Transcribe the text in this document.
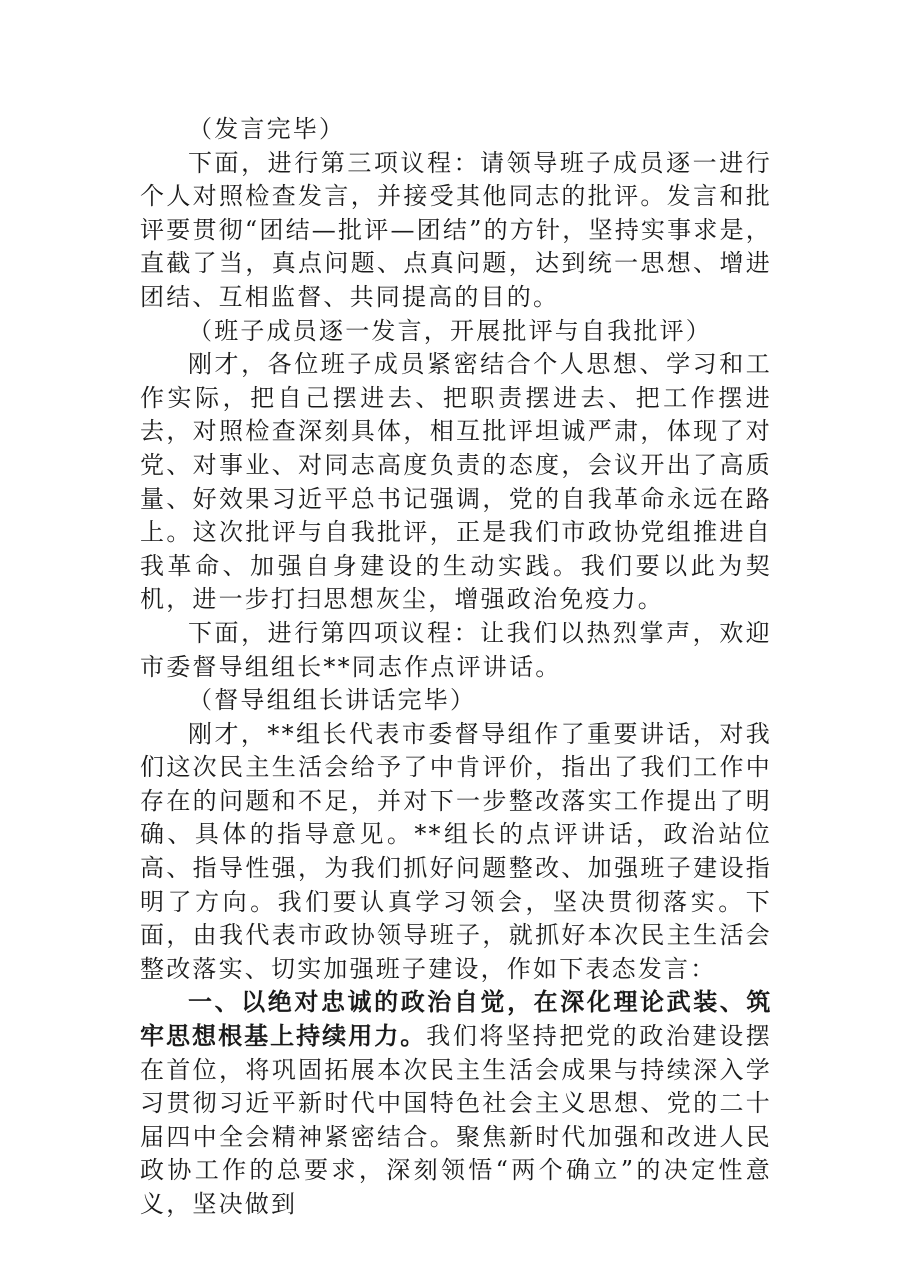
（发言完毕）

下面，进行第三项议程：请领导班子成员逐一进行个人对照检查发言，并接受其他同志的批评。发言和批评要贯彻“团结—批评—团结”的方针，坚持实事求是，直截了当，真点问题、点真问题，达到统一思想、增进团结、互相监督、共同提高的目的。

（班子成员逐一发言，开展批评与自我批评）

刚才，各位班子成员紧密结合个人思想、学习和工作实际，把自己摆进去、把职责摆进去、把工作摆进去，对照检查深刻具体，相互批评坦诚严肃，体现了对党、对事业、对同志高度负责的态度，会议开出了高质量、好效果习近平总书记强调，党的自我革命永远在路上。这次批评与自我批评，正是我们市政协党组推进自我革命、加强自身建设的生动实践。我们要以此为契机，进一步打扫思想灰尘，增强政治免疫力。

下面，进行第四项议程：让我们以热烈掌声，欢迎市委督导组组长**同志作点评讲话。

（督导组组长讲话完毕）

刚才，**组长代表市委督导组作了重要讲话，对我们这次民主生活会给予了中肯评价，指出了我们工作中存在的问题和不足，并对下一步整改落实工作提出了明确、具体的指导意见。**组长的点评讲话，政治站位高、指导性强，为我们抓好问题整改、加强班子建设指明了方向。我们要认真学习领会，坚决贯彻落实。下面，由我代表市政协领导班子，就抓好本次民主生活会整改落实、切实加强班子建设，作如下表态发言：

一、以绝对忠诚的政治自觉，在深化理论武装、筑牢思想根基上持续用力。我们将坚持把党的政治建设摆在首位，将巩固拓展本次民主生活会成果与持续深入学习贯彻习近平新时代中国特色社会主义思想、党的二十届四中全会精神紧密结合。聚焦新时代加强和改进人民政协工作的总要求，深刻领悟“两个确立”的决定性意义，坚决做到
